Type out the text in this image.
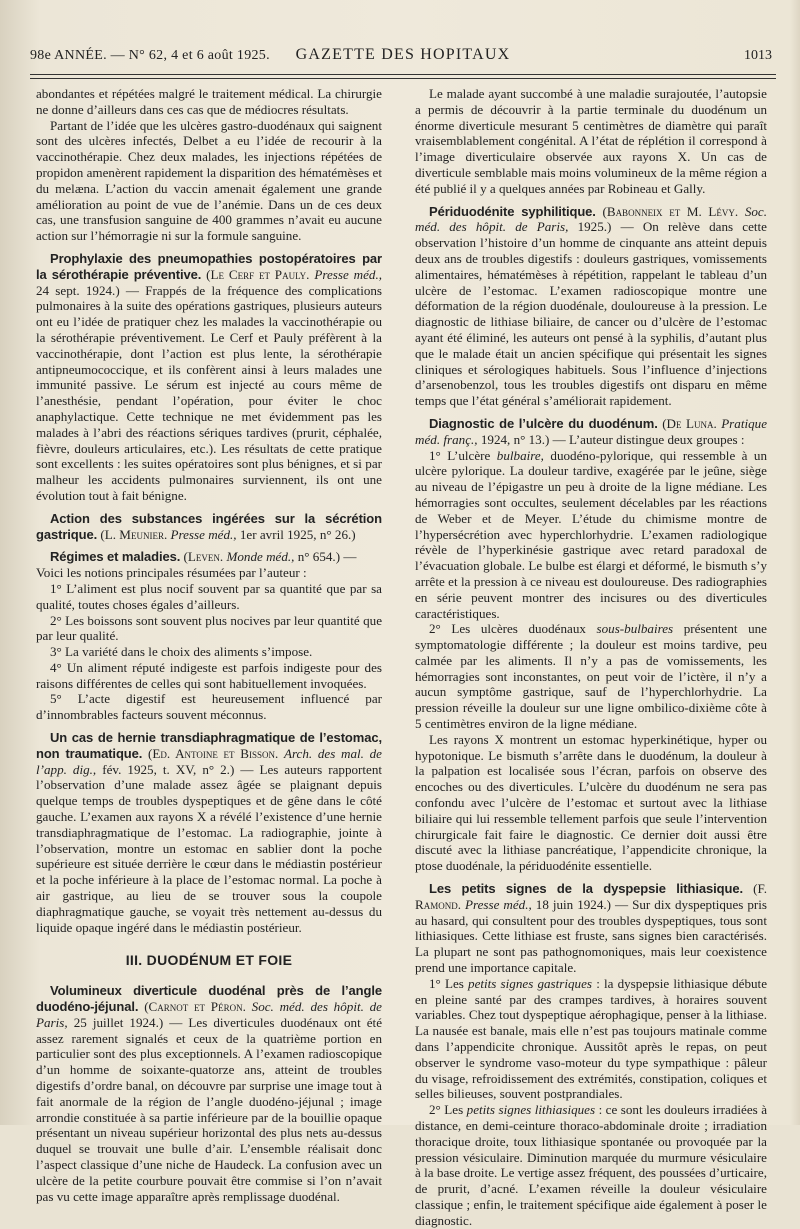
98e ANNÉE. — N° 62, 4 et 6 août 1925.	GAZETTE DES HOPITAUX	1013

abondantes et répétées malgré le traitement médical. La chirurgie ne donne d’ailleurs dans ces cas que de médiocres résultats.

Partant de l’idée que les ulcères gastro-duodénaux qui saignent sont des ulcères infectés, Delbet a eu l’idée de recourir à la vaccinothérapie. Chez deux malades, les injections répétées de propidon amenèrent rapidement la disparition des hématémèses et du melæna. L’action du vaccin amenait également une grande amélioration au point de vue de l’anémie. Dans un de ces deux cas, une transfusion sanguine de 400 grammes n’avait eu aucune action sur l’hémorragie ni sur la formule sanguine.

Prophylaxie des pneumopathies postopératoires par la sérothérapie préventive. (Le Cerf et Pauly. Presse méd., 24 sept. 1924.) — Frappés de la fréquence des complications pulmonaires à la suite des opérations gastriques, plusieurs auteurs ont eu l’idée de pratiquer chez les malades la vaccinothérapie ou la sérothérapie préventivement. Le Cerf et Pauly préfèrent à la vaccinothérapie, dont l’action est plus lente, la sérothérapie antipneumococcique, et ils confèrent ainsi à leurs malades une immunité passive. Le sérum est injecté au cours même de l’anesthésie, pendant l’opération, pour éviter le choc anaphylactique. Cette technique ne met évidemment pas les malades à l’abri des réactions sériques tardives (prurit, céphalée, fièvre, douleurs articulaires, etc.). Les résultats de cette pratique sont excellents : les suites opératoires sont plus bénignes, et si par malheur les accidents pulmonaires surviennent, ils ont une évolution tout à fait bénigne.

Action des substances ingérées sur la sécrétion gastrique. (L. Meunier. Presse méd., 1er avril 1925, n° 26.)

Régimes et maladies. (Leven. Monde méd., n° 654.) —

Voici les notions principales résumées par l’auteur :

1° L’aliment est plus nocif souvent par sa quantité que par sa qualité, toutes choses égales d’ailleurs.

2° Les boissons sont souvent plus nocives par leur quantité que par leur qualité.

3° La variété dans le choix des aliments s’impose.

4° Un aliment réputé indigeste est parfois indigeste pour des raisons différentes de celles qui sont habituellement invoquées.

5° L’acte digestif est heureusement influencé par d’innombrables facteurs souvent méconnus.

Un cas de hernie transdiaphragmatique de l’estomac, non traumatique. (Ed. Antoine et Bisson. Arch. des mal. de l’app. dig., fév. 1925, t. XV, n° 2.) — Les auteurs rapportent l’observation d’une malade assez âgée se plaignant depuis quelque temps de troubles dyspeptiques et de gêne dans le côté gauche. L’examen aux rayons X a révélé l’existence d’une hernie transdiaphragmatique de l’estomac. La radiographie, jointe à l’observation, montre un estomac en sablier dont la poche supérieure est située derrière le cœur dans le médiastin postérieur et la poche inférieure à la place de l’estomac normal. La poche à air gastrique, au lieu de se trouver sous la coupole diaphragmatique gauche, se voyait très nettement au-dessus du liquide opaque ingéré dans le médiastin postérieur.

III. DUODÉNUM ET FOIE

Volumineux diverticule duodénal près de l’angle duodéno-jéjunal. (Carnot et Péron. Soc. méd. des hôpit. de Paris, 25 juillet 1924.) — Les diverticules duodénaux ont été assez rarement signalés et ceux de la quatrième portion en particulier sont des plus exceptionnels. A l’examen radioscopique d’un homme de soixante-quatorze ans, atteint de troubles digestifs d’ordre banal, on découvre par surprise une image tout à fait anormale de la région de l’angle duodéno-jéjunal ; image arrondie constituée à sa partie inférieure par de la bouillie opaque présentant un niveau supérieur horizontal des plus nets au-dessus duquel se trouvait une bulle d’air. L’ensemble réalisait donc l’aspect classique d’une niche de Haudeck. La confusion avec un ulcère de la petite courbure pouvait être commise si l’on n’avait pas vu cette image apparaître après remplissage duodénal.

Le malade ayant succombé à une maladie surajoutée, l’autopsie a permis de découvrir à la partie terminale du duodénum un énorme diverticule mesurant 5 centimètres de diamètre qui paraît vraisemblablement congénital. A l’état de réplétion il correspond à l’image diverticulaire observée aux rayons X. Un cas de diverticule semblable mais moins volumineux de la même région a été publié il y a quelques années par Robineau et Gally.

Périduodénite syphilitique. (Babonneix et M. Lévy. Soc. méd. des hôpit. de Paris, 1925.) — On relève dans cette observation l’histoire d’un homme de cinquante ans atteint depuis deux ans de troubles digestifs : douleurs gastriques, vomissements alimentaires, hématémèses à répétition, rappelant le tableau d’un ulcère de l’estomac. L’examen radioscopique montre une déformation de la région duodénale, douloureuse à la pression. Le diagnostic de lithiase biliaire, de cancer ou d’ulcère de l’estomac ayant été éliminé, les auteurs ont pensé à la syphilis, d’autant plus que le malade était un ancien spécifique qui présentait les signes cliniques et sérologiques habituels. Sous l’influence d’injections d’arsenobenzol, tous les troubles digestifs ont disparu en même temps que l’état général s’améliorait rapidement.

Diagnostic de l’ulcère du duodénum. (De Luna. Pratique méd. franç., 1924, n° 13.) — L’auteur distingue deux groupes :

1° L’ulcère bulbaire, duodéno-pylorique, qui ressemble à un ulcère pylorique. La douleur tardive, exagérée par le jeûne, siège au niveau de l’épigastre un peu à droite de la ligne médiane. Les hémorragies sont occultes, seulement décelables par les réactions de Weber et de Meyer. L’étude du chimisme montre de l’hypersécrétion avec hyperchlorhydrie. L’examen radiologique révèle de l’hyperkinésie gastrique avec retard paradoxal de l’évacuation globale. Le bulbe est élargi et déformé, le bismuth s’y arrête et la pression à ce niveau est douloureuse. Des radiographies en série peuvent montrer des incisures ou des diverticules caractéristiques.

2° Les ulcères duodénaux sous-bulbaires présentent une symptomatologie différente ; la douleur est moins tardive, peu calmée par les aliments. Il n’y a pas de vomissements, les hémorragies sont inconstantes, on peut voir de l’ictère, il n’y a aucun symptôme gastrique, sauf de l’hyperchlorhydrie. La pression réveille la douleur sur une ligne ombilico-dixième côte à 5 centimètres environ de la ligne médiane.

Les rayons X montrent un estomac hyperkinétique, hyper ou hypotonique. Le bismuth s’arrête dans le duodénum, la douleur à la palpation est localisée sous l’écran, parfois on observe des encoches ou des diverticules. L’ulcère du duodénum ne sera pas confondu avec l’ulcère de l’estomac et surtout avec la lithiase biliaire qui lui ressemble tellement parfois que seule l’intervention chirurgicale fait faire le diagnostic. Ce dernier doit aussi être discuté avec la lithiase pancréatique, l’appendicite chronique, la ptose duodénale, la périduodénite essentielle.

Les petits signes de la dyspepsie lithiasique. (F. Ramond. Presse méd., 18 juin 1924.) — Sur dix dyspeptiques pris au hasard, qui consultent pour des troubles dyspeptiques, tous sont lithiasiques. Cette lithiase est fruste, sans signes bien caractérisés. La plupart ne sont pas pathognomoniques, mais leur coexistence prend une importance capitale.

1° Les petits signes gastriques : la dyspepsie lithiasique débute en pleine santé par des crampes tardives, à horaires souvent variables. Chez tout dyspeptique aérophagique, penser à la lithiase. La nausée est banale, mais elle n’est pas toujours matinale comme dans l’appendicite chronique. Aussitôt après le repas, on peut observer le syndrome vaso-moteur du type sympathique : pâleur du visage, refroidissement des extrémités, constipation, coliques et selles bilieuses, souvent postprandiales.

2° Les petits signes lithiasiques : ce sont les douleurs irradiées à distance, en demi-ceinture thoraco-abdominale droite ; irradiation thoracique droite, toux lithiasique spontanée ou provoquée par la pression vésiculaire. Diminution marquée du murmure vésiculaire à la base droite. Le vertige assez fréquent, des poussées d’urticaire, de prurit, d’acné. L’examen réveille la douleur vésiculaire classique ; enfin, le traitement spécifique aide également à poser le diagnostic.
